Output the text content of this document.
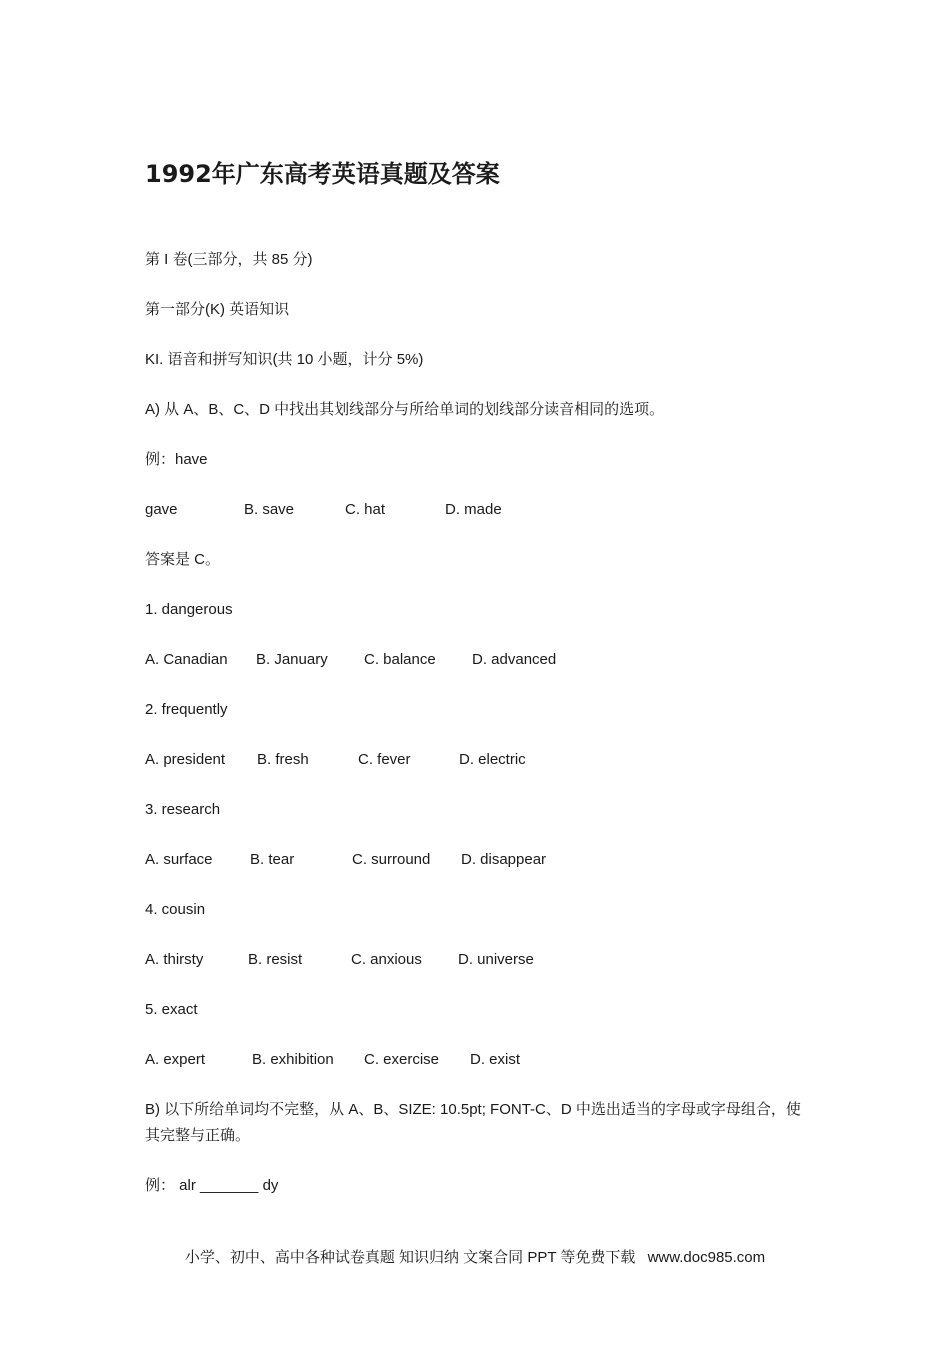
1992年广东高考英语真题及答案
第 I 卷(三部分，共 85 分)
第一部分(K) 英语知识
KI. 语音和拼写知识(共 10 小题，计分 5%)
A) 从 A、B、C、D 中找出其划线部分与所给单词的划线部分读音相同的选项。
例：have
gave	B. save	C. hat	D. made
答案是 C。
1. dangerous
A. Canadian B. January C. balance D. advanced
2. frequently
A. president B. fresh	C. fever	D. electric
3. research
A. surface B. tear	C. surround D. disappear
4. cousin
A. thirsty	B. resist	C. anxious D. universe
5. exact
A. expert	B. exhibition C. exercise D. exist
B) 以下所给单词均不完整，从 A、B、SIZE: 10.5pt; FONT-C、D 中选出适当的字母或字母组合，使其完整与正确。
例： alr _______ dy
小学、初中、高中各种试卷真题 知识归纳 文案合同 PPT 等免费下载 www.doc985.com
